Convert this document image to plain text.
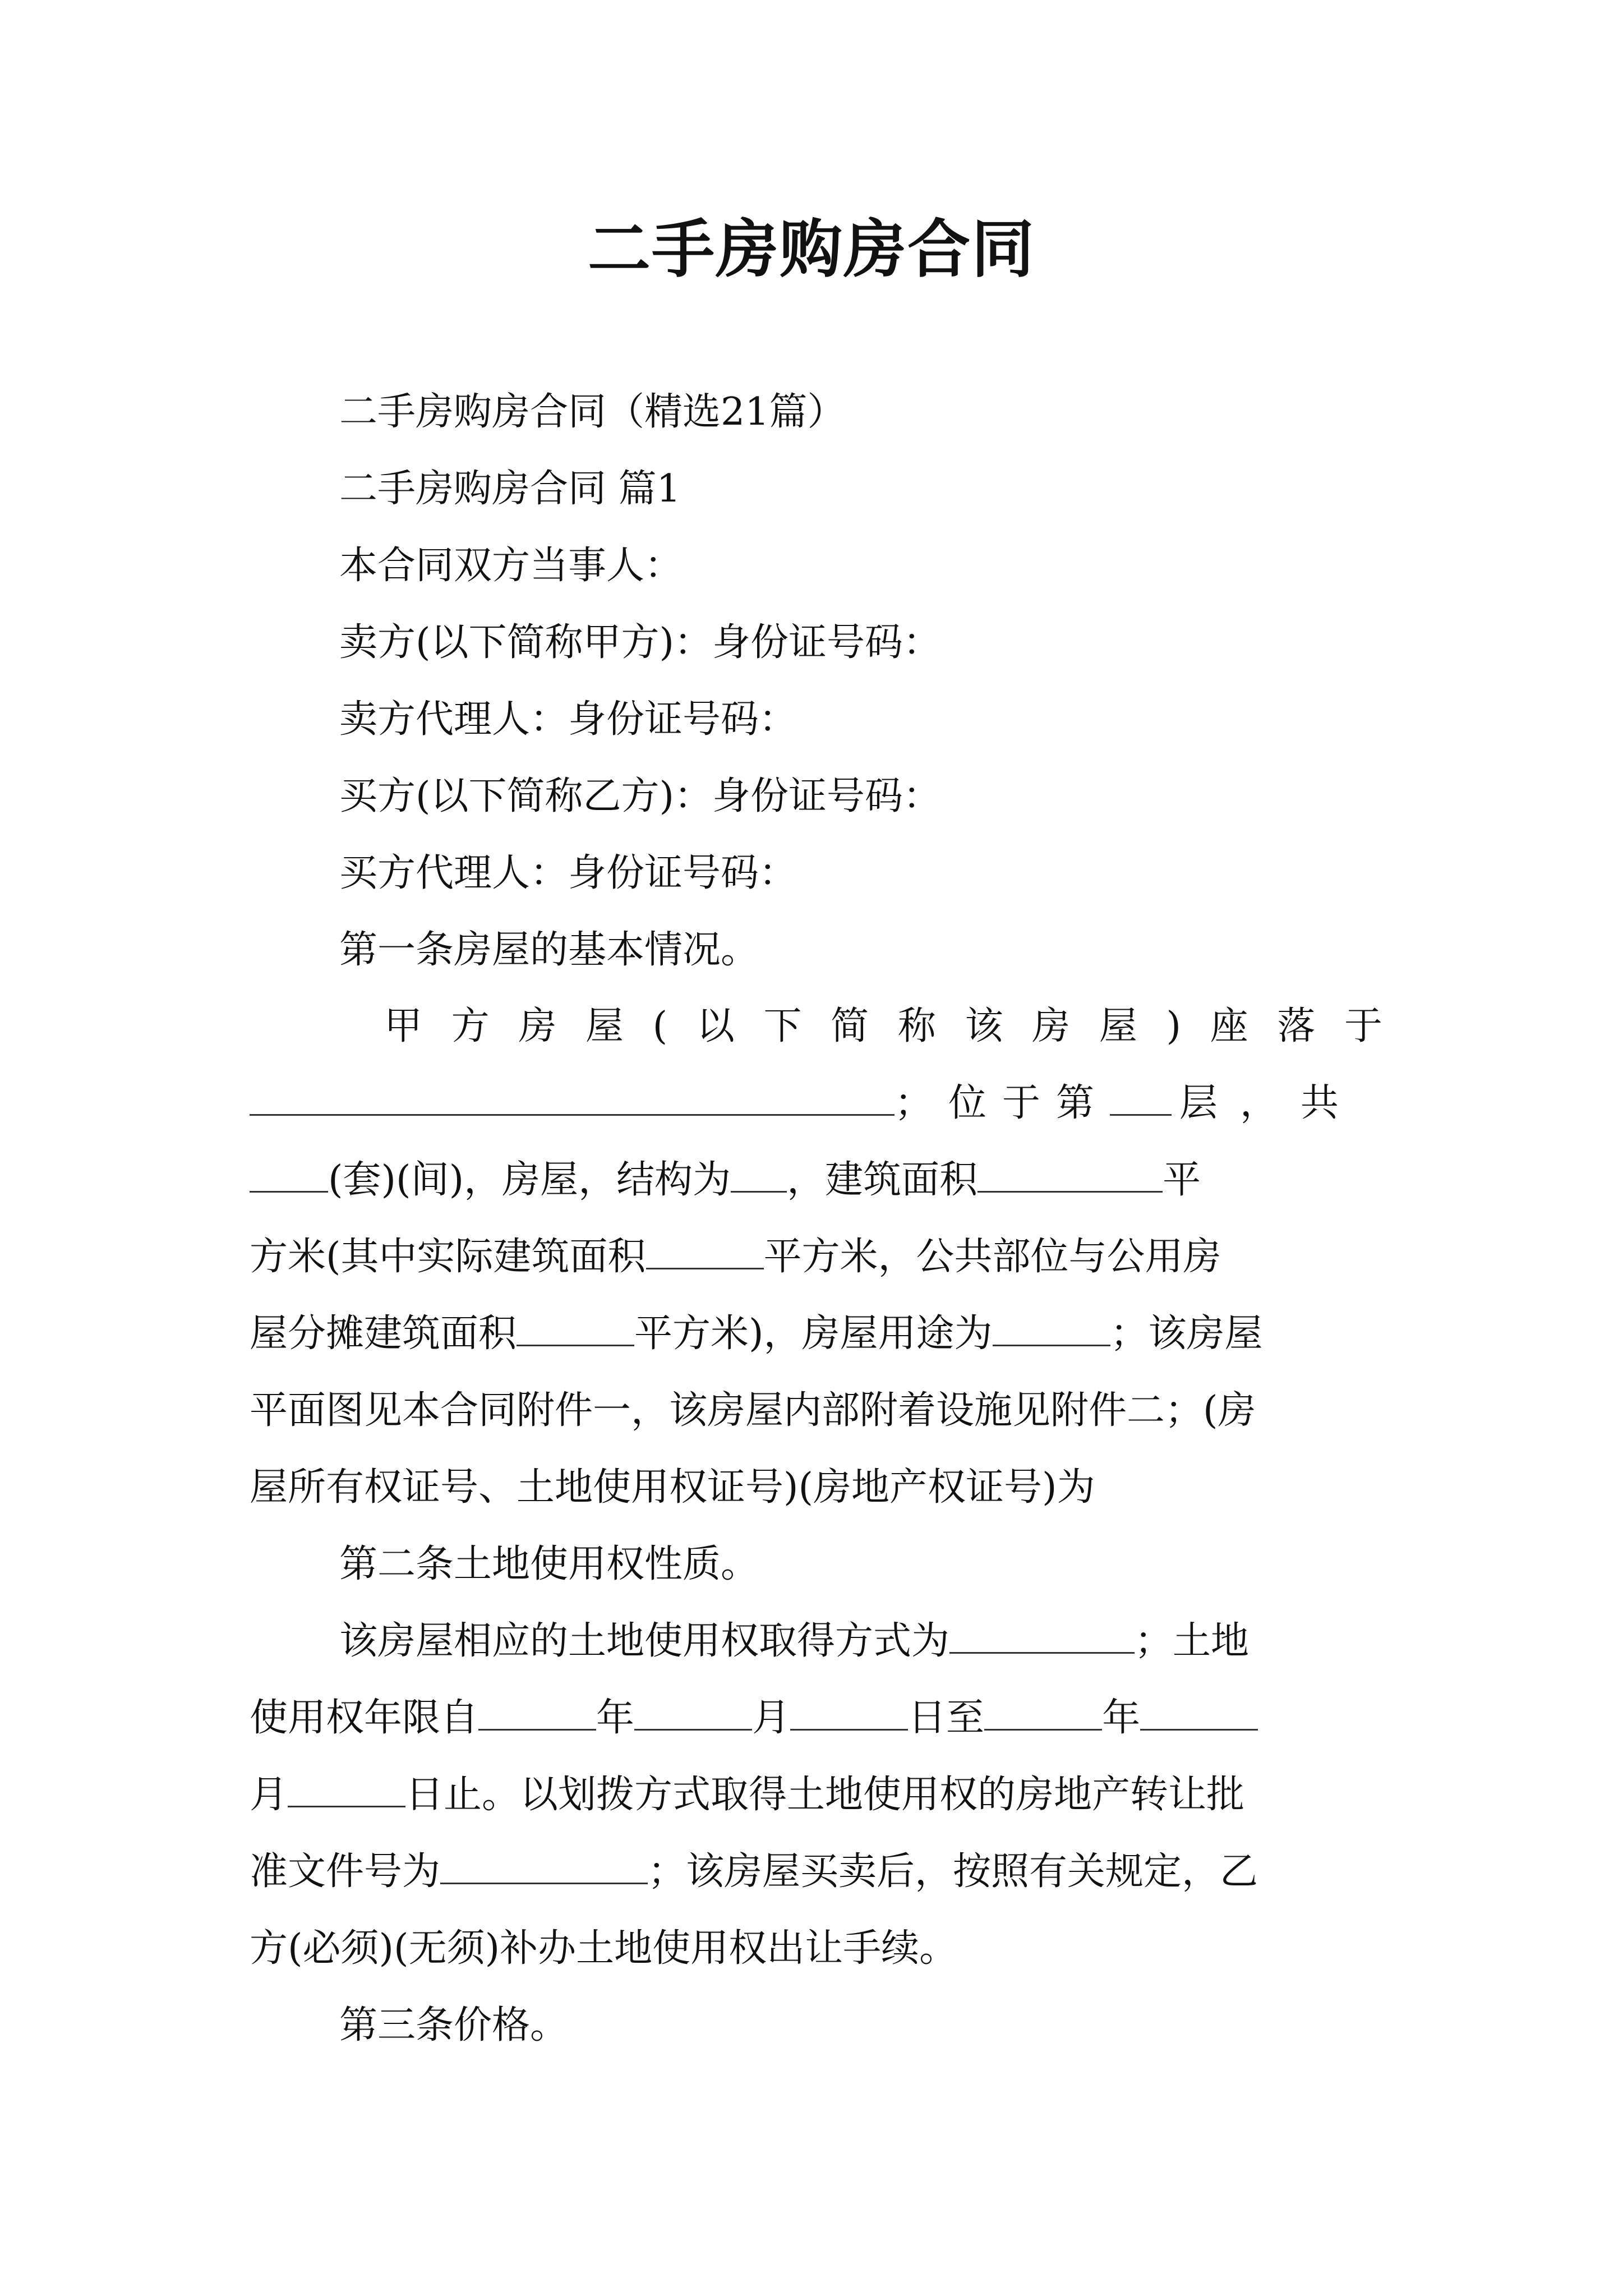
二手房购房合同

二手房购房合同（精选21篇）

二手房购房合同 篇1

本合同双方当事人：

卖方(以下简称甲方)：身份证号码：

卖方代理人：身份证号码：

买方(以下简称乙方)：身份证号码：

买方代理人：身份证号码：

第一条房屋的基本情况。

甲方房屋(以下简称该房屋)座落于

；位于第 层，共

(套)(间)，房屋，结构为 ，建筑面积	平

方米(其中实际建筑面积	平方米，公共部位与公用房

屋分摊建筑面积	平方米)，房屋用途为	；该房屋

平面图见本合同附件一，该房屋内部附着设施见附件二；(房

屋所有权证号、土地使用权证号)(房地产权证号)为

第二条土地使用权性质。

该房屋相应的土地使用权取得方式为	；土地

使用权年限自	年	月	日至	年

月	日止。以划拨方式取得土地使用权的房地产转让批

准文件号为	；该房屋买卖后，按照有关规定，乙

方(必须)(无须)补办土地使用权出让手续。

第三条价格。
